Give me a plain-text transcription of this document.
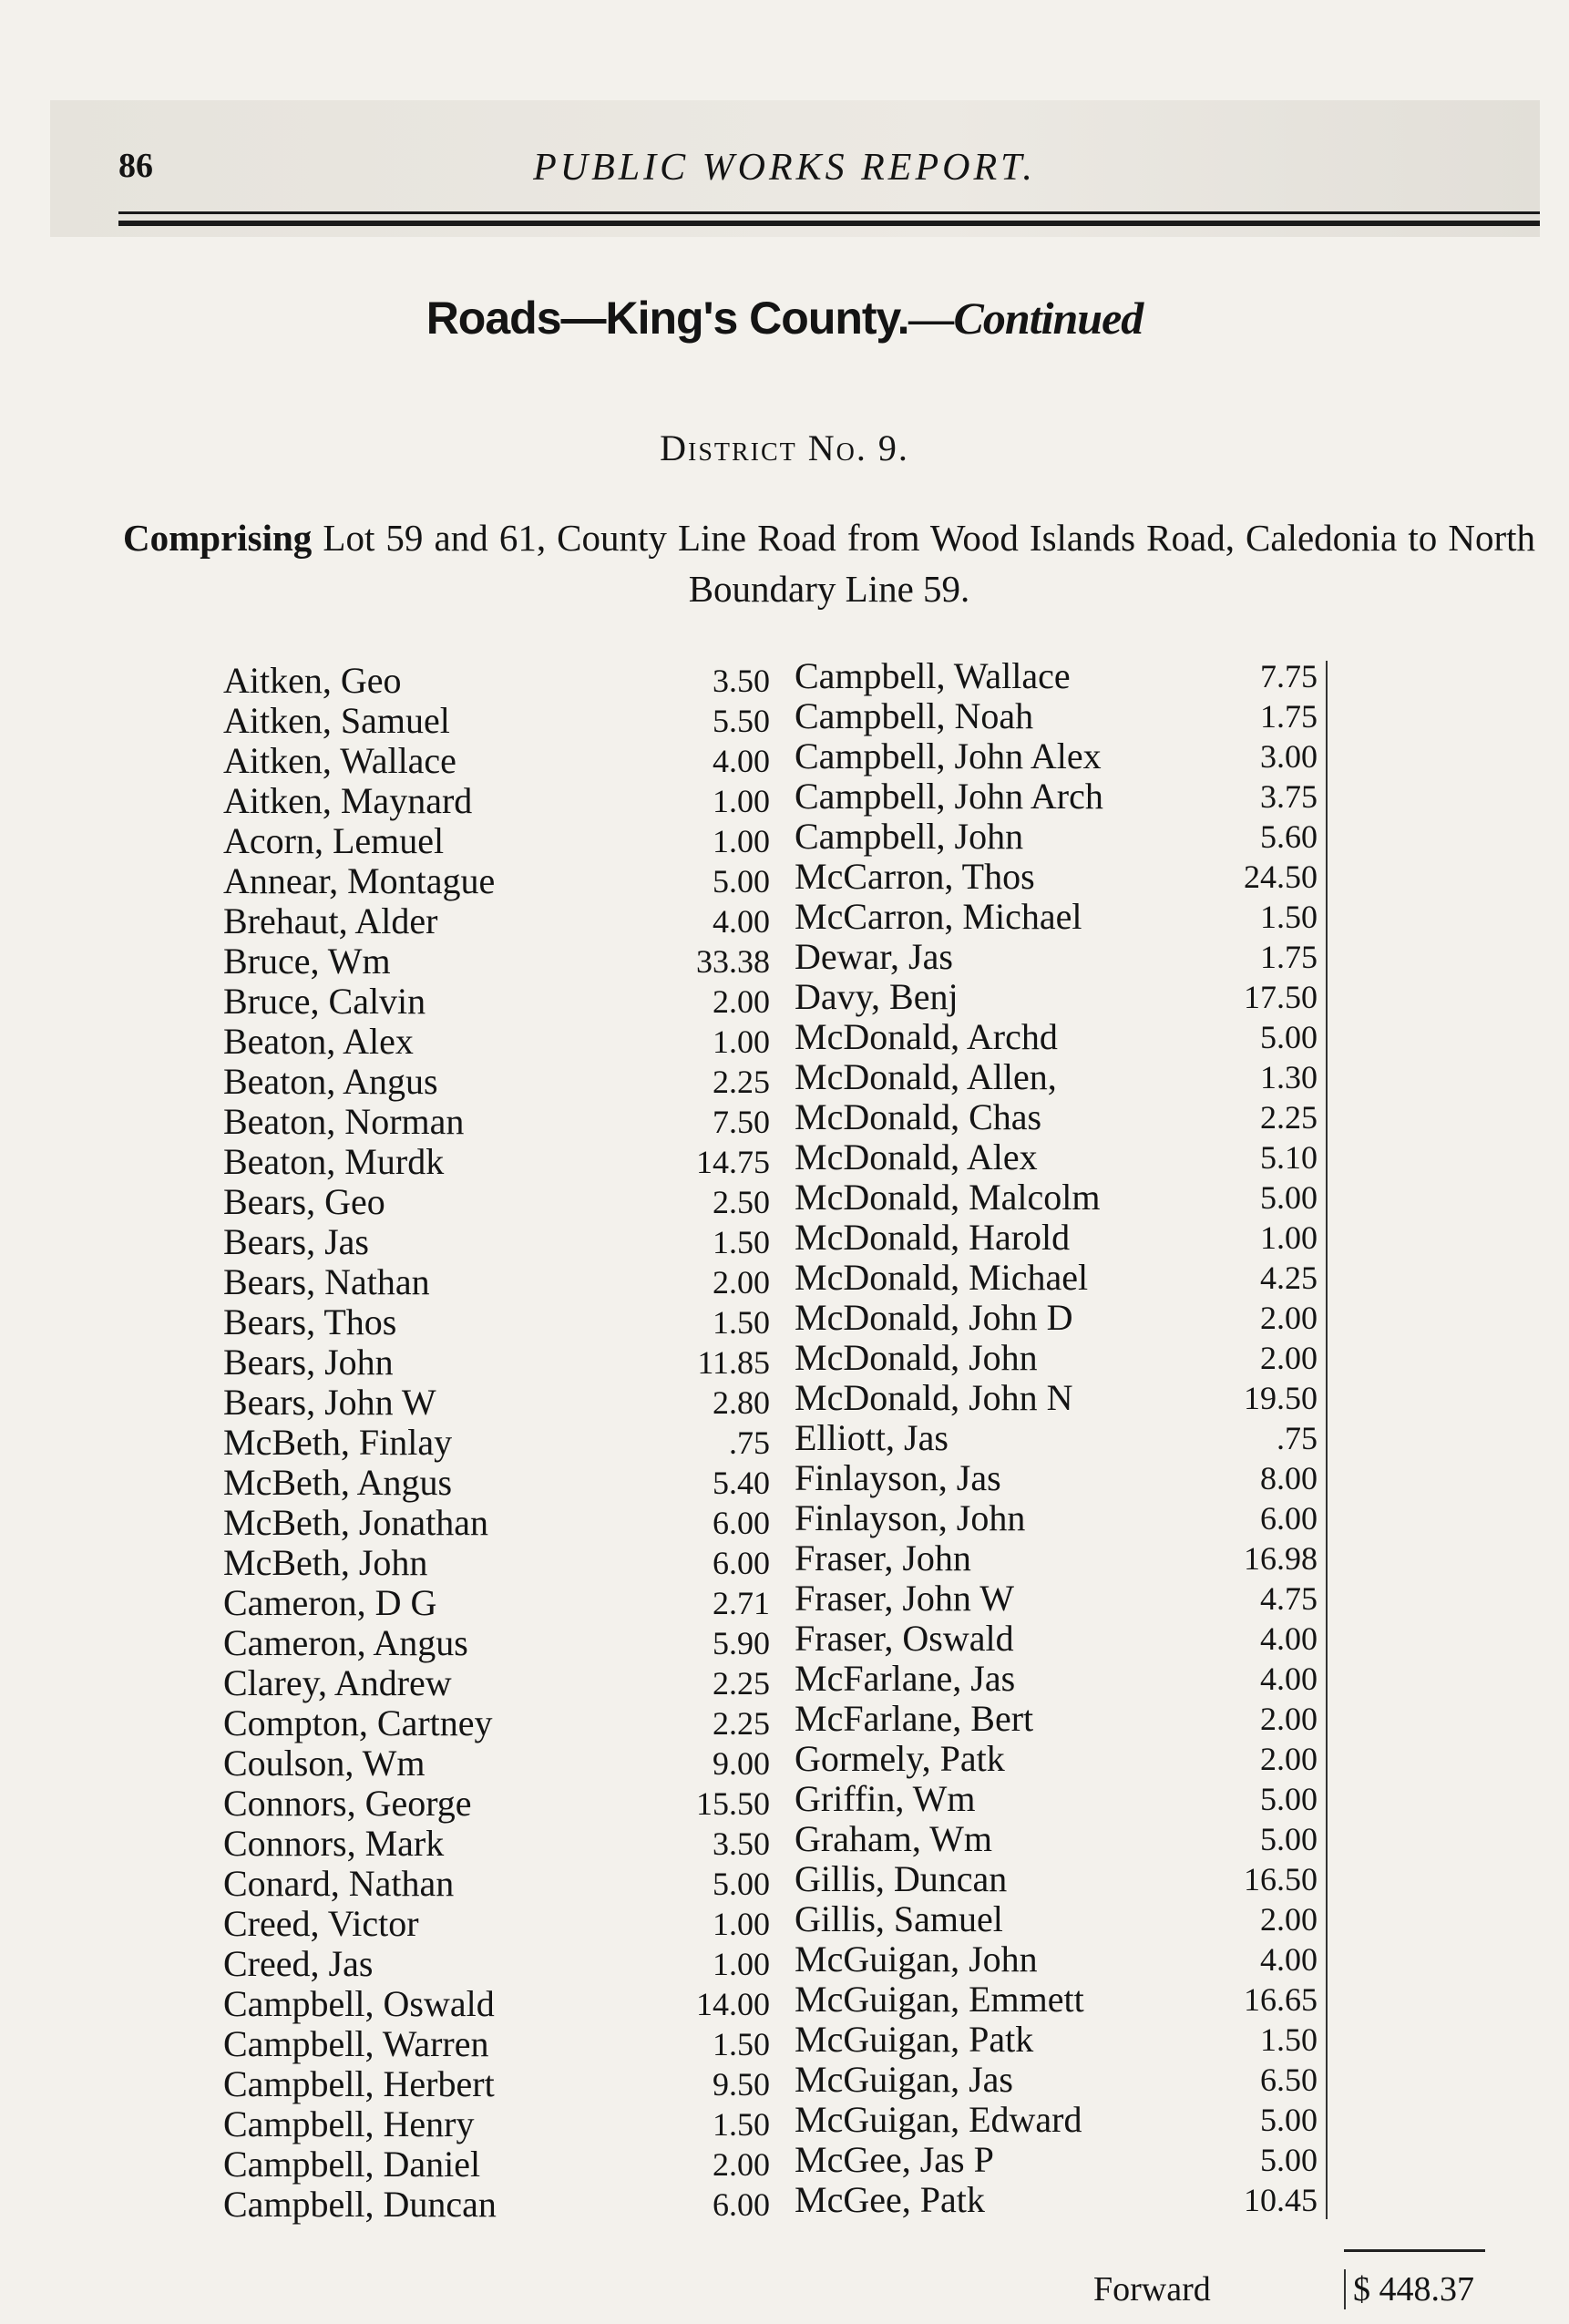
86	PUBLIC WORKS REPORT.
Roads—King's County.—Continued
District No. 9.
Comprising Lot 59 and 61, County Line Road from Wood Islands Road, Caledonia to North Boundary Line 59.
Aitken, Geo	3.50
Aitken, Samuel	5.50
Aitken, Wallace	4.00
Aitken, Maynard	1.00
Acorn, Lemuel	1.00
Annear, Montague	5.00
Brehaut, Alder	4.00
Bruce, Wm	33.38
Bruce, Calvin	2.00
Beaton, Alex	1.00
Beaton, Angus	2.25
Beaton, Norman	7.50
Beaton, Murdk	14.75
Bears, Geo	2.50
Bears, Jas	1.50
Bears, Nathan	2.00
Bears, Thos	1.50
Bears, John	11.85
Bears, John W	2.80
McBeth, Finlay	.75
McBeth, Angus	5.40
McBeth, Jonathan	6.00
McBeth, John	6.00
Cameron, D G	2.71
Cameron, Angus	5.90
Clarey, Andrew	2.25
Compton, Cartney	2.25
Coulson, Wm	9.00
Connors, George	15.50
Connors, Mark	3.50
Conard, Nathan	5.00
Creed, Victor	1.00
Creed, Jas	1.00
Campbell, Oswald	14.00
Campbell, Warren	1.50
Campbell, Herbert	9.50
Campbell, Henry	1.50
Campbell, Daniel	2.00
Campbell, Duncan	6.00
Campbell, Wallace	7.75
Campbell, Noah	1.75
Campbell, John Alex	3.00
Campbell, John Arch	3.75
Campbell, John	5.60
McCarron, Thos	24.50
McCarron, Michael	1.50
Dewar, Jas	1.75
Davy, Benj	17.50
McDonald, Archd	5.00
McDonald, Allen,	1.30
McDonald, Chas	2.25
McDonald, Alex	5.10
McDonald, Malcolm	5.00
McDonald, Harold	1.00
McDonald, Michael	4.25
McDonald, John D	2.00
McDonald, John	2.00
McDonald, John N	19.50
Elliott, Jas	.75
Finlayson, Jas	8.00
Finlayson, John	6.00
Fraser, John	16.98
Fraser, John W	4.75
Fraser, Oswald	4.00
McFarlane, Jas	4.00
McFarlane, Bert	2.00
Gormely, Patk	2.00
Griffin, Wm	5.00
Graham, Wm	5.00
Gillis, Duncan	16.50
Gillis, Samuel	2.00
McGuigan, John	4.00
McGuigan, Emmett	16.65
McGuigan, Patk	1.50
McGuigan, Jas	6.50
McGuigan, Edward	5.00
McGee, Jas P	5.00
McGee, Patk	10.45
Forward	$ 448.37
